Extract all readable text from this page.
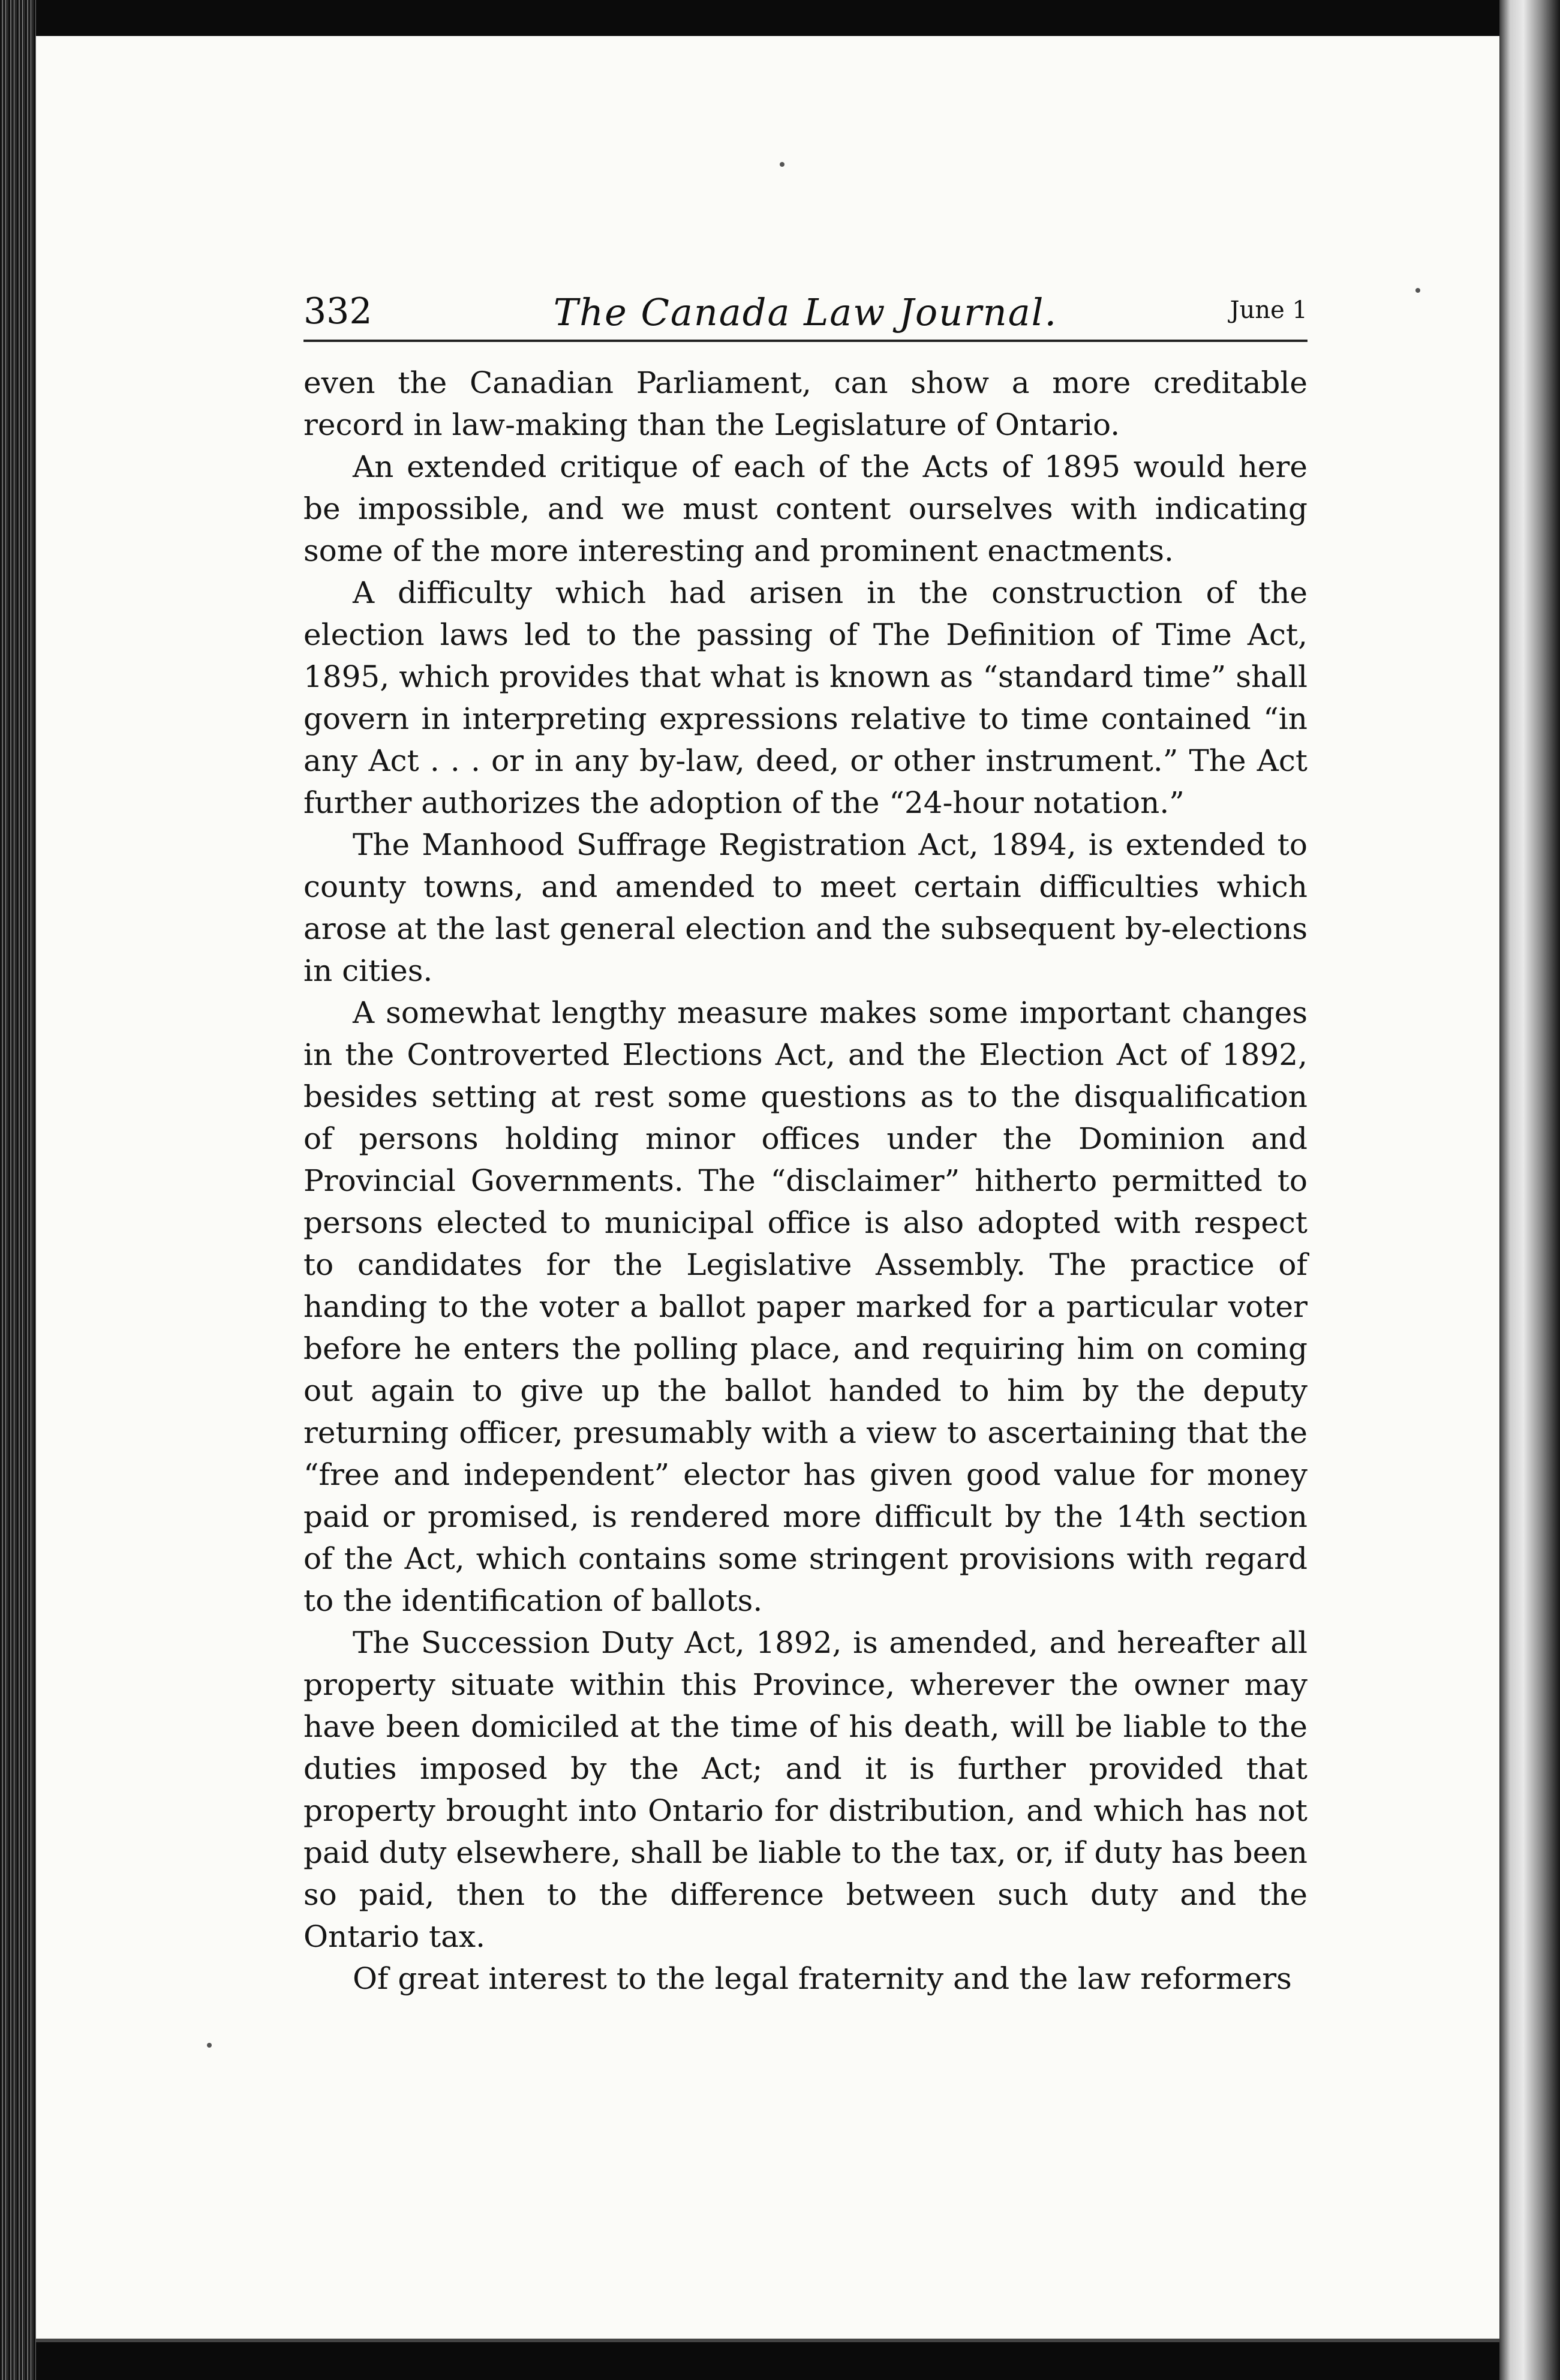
332	The Canada Law Journal.	June 1

even the Canadian Parliament, can show a more creditable record in law-making than the Legislature of Ontario.

An extended critique of each of the Acts of 1895 would here be impossible, and we must content ourselves with indicating some of the more interesting and prominent enactments.

A difficulty which had arisen in the construction of the election laws led to the passing of The Definition of Time Act, 1895, which provides that what is known as “standard time” shall govern in interpreting expressions relative to time contained “in any Act . . . or in any by-law, deed, or other instrument.” The Act further authorizes the adoption of the “24-hour notation.”

The Manhood Suffrage Registration Act, 1894, is extended to county towns, and amended to meet certain difficulties which arose at the last general election and the subsequent by-elections in cities.

A somewhat lengthy measure makes some important changes in the Controverted Elections Act, and the Election Act of 1892, besides setting at rest some questions as to the disqualification of persons holding minor offices under the Dominion and Provincial Governments. The “disclaimer” hitherto permitted to persons elected to municipal office is also adopted with respect to candidates for the Legislative Assembly. The practice of handing to the voter a ballot paper marked for a particular voter before he enters the polling place, and requiring him on coming out again to give up the ballot handed to him by the deputy returning officer, presumably with a view to ascertaining that the “free and independent” elector has given good value for money paid or promised, is rendered more difficult by the 14th section of the Act, which contains some stringent provisions with regard to the identification of ballots.

The Succession Duty Act, 1892, is amended, and hereafter all property situate within this Province, wherever the owner may have been domiciled at the time of his death, will be liable to the duties imposed by the Act; and it is further provided that property brought into Ontario for distribution, and which has not paid duty elsewhere, shall be liable to the tax, or, if duty has been so paid, then to the difference between such duty and the Ontario tax.

Of great interest to the legal fraternity and the law reformers
